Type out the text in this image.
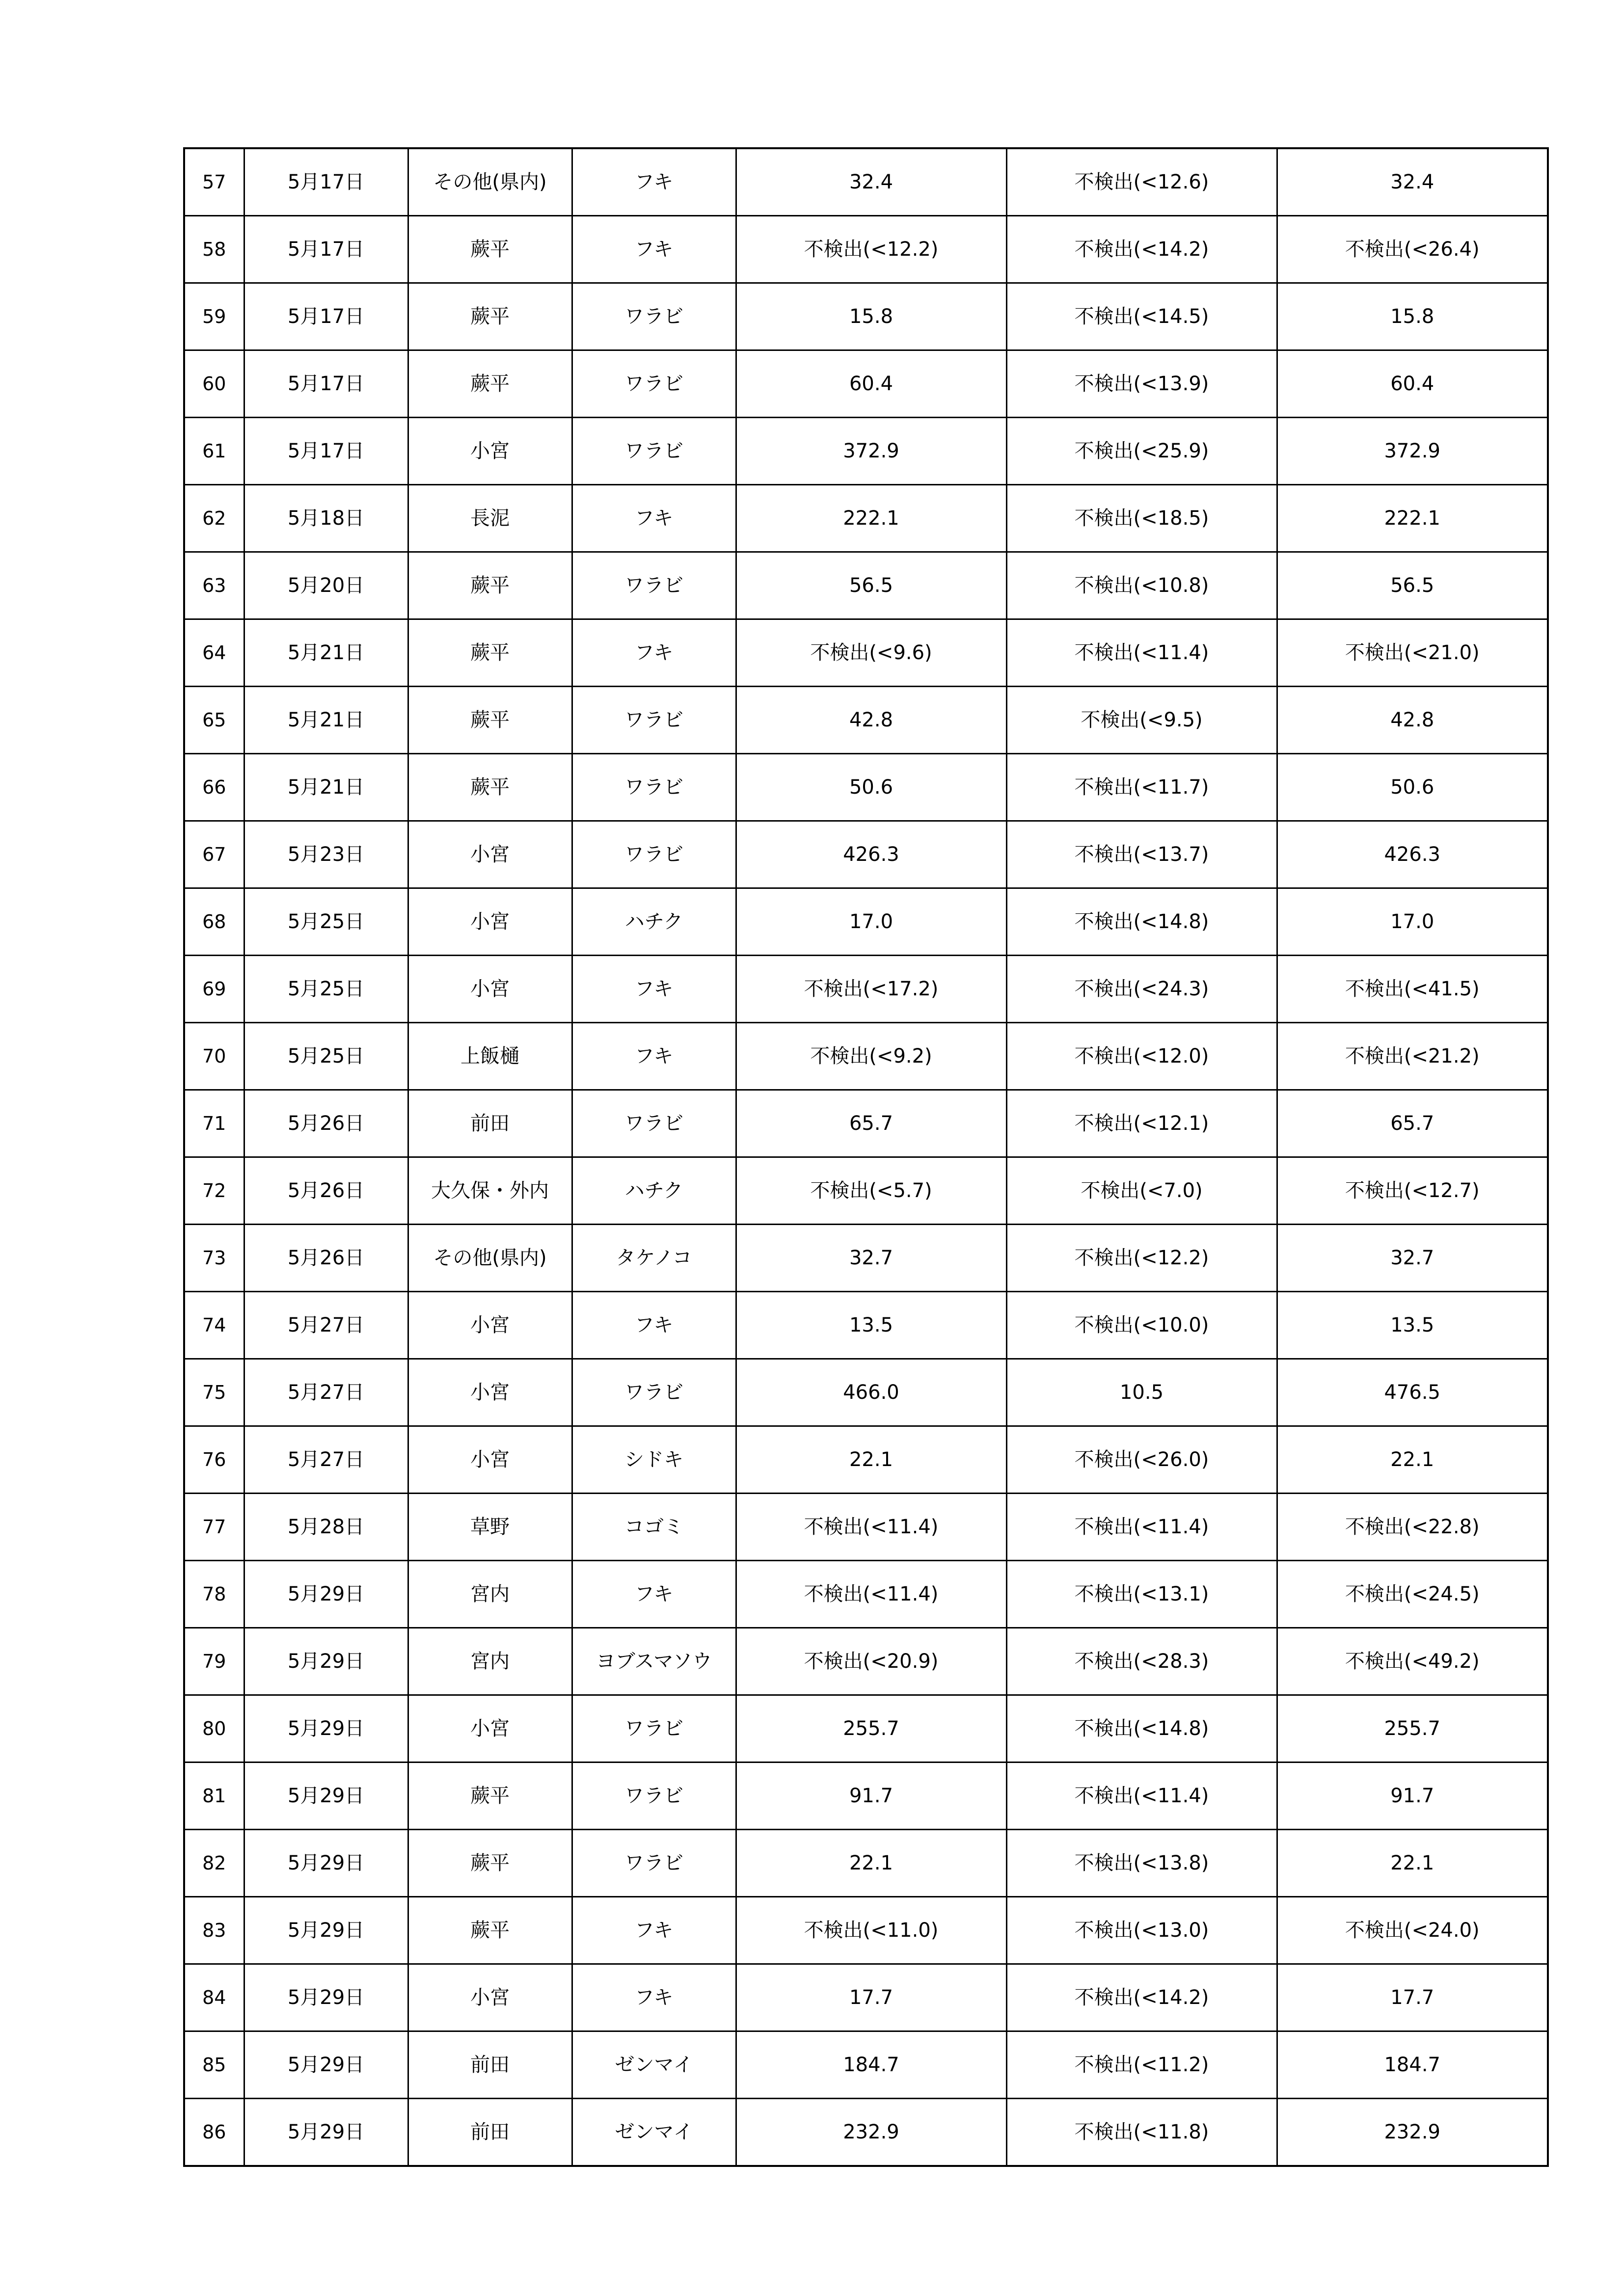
57	5月17日	その他(県内)	フキ	32.4	不検出(<12.6)	32.4
58	5月17日	蕨平	フキ	不検出(<12.2)	不検出(<14.2)	不検出(<26.4)
59	5月17日	蕨平	ワラビ	15.8	不検出(<14.5)	15.8
60	5月17日	蕨平	ワラビ	60.4	不検出(<13.9)	60.4
61	5月17日	小宮	ワラビ	372.9	不検出(<25.9)	372.9
62	5月18日	長泥	フキ	222.1	不検出(<18.5)	222.1
63	5月20日	蕨平	ワラビ	56.5	不検出(<10.8)	56.5
64	5月21日	蕨平	フキ	不検出(<9.6)	不検出(<11.4)	不検出(<21.0)
65	5月21日	蕨平	ワラビ	42.8	不検出(<9.5)	42.8
66	5月21日	蕨平	ワラビ	50.6	不検出(<11.7)	50.6
67	5月23日	小宮	ワラビ	426.3	不検出(<13.7)	426.3
68	5月25日	小宮	ハチク	17.0	不検出(<14.8)	17.0
69	5月25日	小宮	フキ	不検出(<17.2)	不検出(<24.3)	不検出(<41.5)
70	5月25日	上飯樋	フキ	不検出(<9.2)	不検出(<12.0)	不検出(<21.2)
71	5月26日	前田	ワラビ	65.7	不検出(<12.1)	65.7
72	5月26日	大久保・外内	ハチク	不検出(<5.7)	不検出(<7.0)	不検出(<12.7)
73	5月26日	その他(県内)	タケノコ	32.7	不検出(<12.2)	32.7
74	5月27日	小宮	フキ	13.5	不検出(<10.0)	13.5
75	5月27日	小宮	ワラビ	466.0	10.5	476.5
76	5月27日	小宮	シドキ	22.1	不検出(<26.0)	22.1
77	5月28日	草野	コゴミ	不検出(<11.4)	不検出(<11.4)	不検出(<22.8)
78	5月29日	宮内	フキ	不検出(<11.4)	不検出(<13.1)	不検出(<24.5)
79	5月29日	宮内	ヨブスマソウ	不検出(<20.9)	不検出(<28.3)	不検出(<49.2)
80	5月29日	小宮	ワラビ	255.7	不検出(<14.8)	255.7
81	5月29日	蕨平	ワラビ	91.7	不検出(<11.4)	91.7
82	5月29日	蕨平	ワラビ	22.1	不検出(<13.8)	22.1
83	5月29日	蕨平	フキ	不検出(<11.0)	不検出(<13.0)	不検出(<24.0)
84	5月29日	小宮	フキ	17.7	不検出(<14.2)	17.7
85	5月29日	前田	ゼンマイ	184.7	不検出(<11.2)	184.7
86	5月29日	前田	ゼンマイ	232.9	不検出(<11.8)	232.9
